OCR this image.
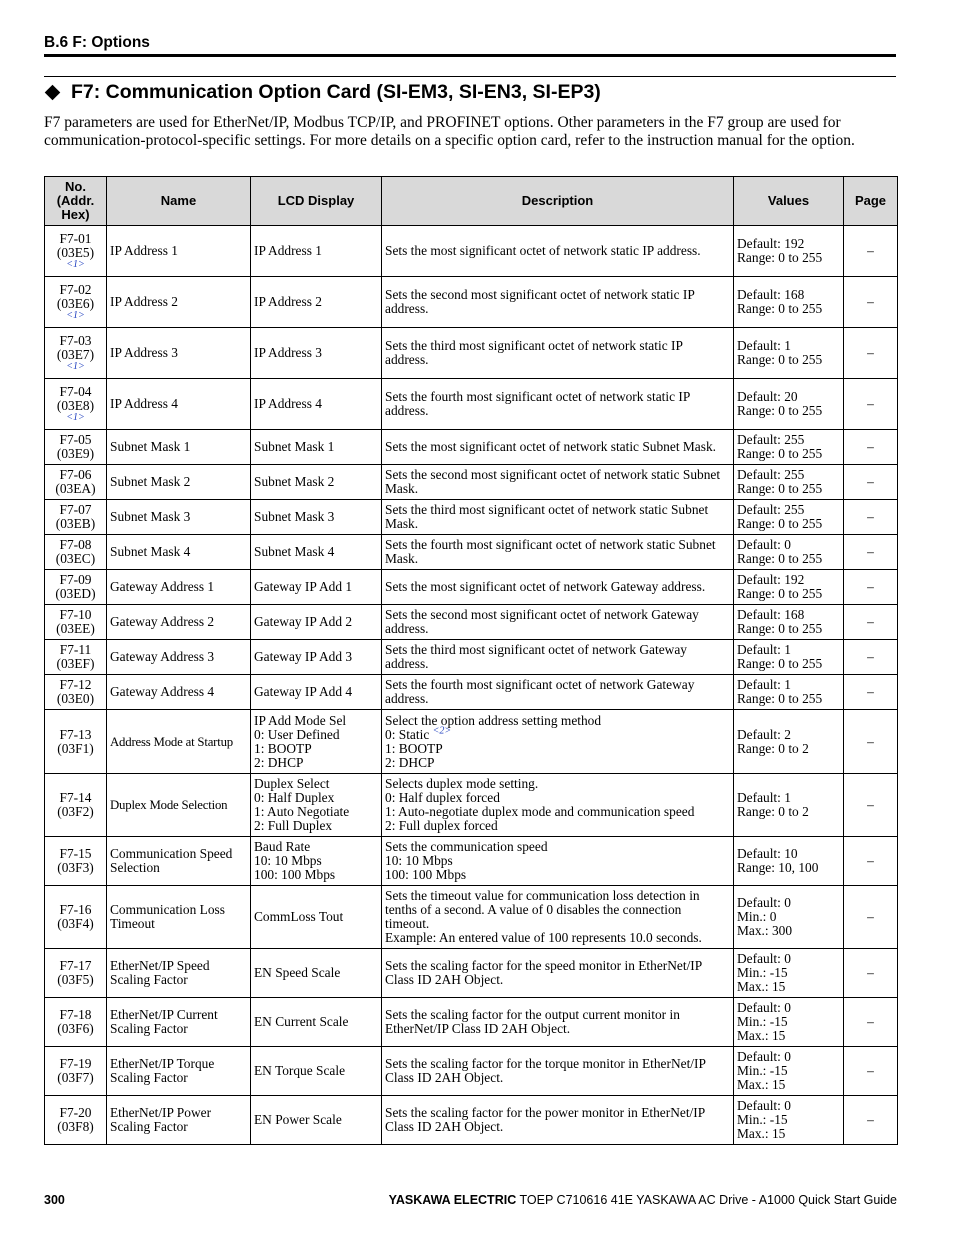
B.6 F: Options
F7: Communication Option Card (SI-EM3, SI-EN3, SI-EP3)
F7 parameters are used for EtherNet/IP, Modbus TCP/IP, and PROFINET options. Other parameters in the F7 group are used for communication-protocol-specific settings. For more details on a specific option card, refer to the instruction manual for the option.
No.
(Addr.
Hex)	Name	LCD Display	Description	Values	Page

F7-01
(03E5)
<1>	IP Address 1	IP Address 1	Sets the most significant octet of network static IP address.	Default: 192
Range: 0 to 255	–

F7-02
(03E6)
<1>	IP Address 2	IP Address 2	Sets the second most significant octet of network static IP
address.	Default: 168
Range: 0 to 255	–

F7-03
(03E7)
<1>	IP Address 3	IP Address 3	Sets the third most significant octet of network static IP
address.	Default: 1
Range: 0 to 255	–

F7-04
(03E8)
<1>	IP Address 4	IP Address 4	Sets the fourth most significant octet of network static IP
address.	Default: 20
Range: 0 to 255	–

F7-05
(03E9)	Subnet Mask 1	Subnet Mask 1	Sets the most significant octet of network static Subnet Mask.	Default: 255
Range: 0 to 255	–

F7-06
(03EA)	Subnet Mask 2	Subnet Mask 2	Sets the second most significant octet of network static Subnet
Mask.	Default: 255
Range: 0 to 255	–

F7-07
(03EB)	Subnet Mask 3	Subnet Mask 3	Sets the third most significant octet of network static Subnet
Mask.	Default: 255
Range: 0 to 255	–

F7-08
(03EC)	Subnet Mask 4	Subnet Mask 4	Sets the fourth most significant octet of network static Subnet
Mask.	Default: 0
Range: 0 to 255	–

F7-09
(03ED)	Gateway Address 1	Gateway IP Add 1	Sets the most significant octet of network Gateway address.	Default: 192
Range: 0 to 255	–

F7-10
(03EE)	Gateway Address 2	Gateway IP Add 2	Sets the second most significant octet of network Gateway
address.	Default: 168
Range: 0 to 255	–

F7-11
(03EF)	Gateway Address 3	Gateway IP Add 3	Sets the third most significant octet of network Gateway
address.	Default: 1
Range: 0 to 255	–

F7-12
(03E0)	Gateway Address 4	Gateway IP Add 4	Sets the fourth most significant octet of network Gateway
address.	Default: 1
Range: 0 to 255	–

F7-13
(03F1)	Address Mode at Startup	IP Add Mode Sel
0: User Defined
1: BOOTP
2: DHCP	Select the option address setting method
0: Static $^{<2>}$
1: BOOTP
2: DHCP	Default: 2
Range: 0 to 2	–

F7-14
(03F2)	Duplex Mode Selection	Duplex Select
0: Half Duplex
1: Auto Negotiate
2: Full Duplex	Selects duplex mode setting.
0: Half duplex forced
1: Auto-negotiate duplex mode and communication speed
2: Full duplex forced	Default: 1
Range: 0 to 2	–

F7-15
(03F3)	Communication Speed
Selection	Baud Rate
10: 10 Mbps
100: 100 Mbps	Sets the communication speed
10: 10 Mbps
100: 100 Mbps	Default: 10
Range: 10, 100	–

F7-16
(03F4)	Communication Loss
Timeout	CommLoss Tout	Sets the timeout value for communication loss detection in
tenths of a second. A value of 0 disables the connection
timeout.
Example: An entered value of 100 represents 10.0 seconds.	Default: 0
Min.: 0
Max.: 300	–

F7-17
(03F5)	EtherNet/IP Speed
Scaling Factor	EN Speed Scale	Sets the scaling factor for the speed monitor in EtherNet/IP
Class ID 2AH Object.	Default: 0
Min.: -15
Max.: 15	–

F7-18
(03F6)	EtherNet/IP Current
Scaling Factor	EN Current Scale	Sets the scaling factor for the output current monitor in
EtherNet/IP Class ID 2AH Object.	Default: 0
Min.: -15
Max.: 15	–

F7-19
(03F7)	EtherNet/IP Torque
Scaling Factor	EN Torque Scale	Sets the scaling factor for the torque monitor in EtherNet/IP
Class ID 2AH Object.	Default: 0
Min.: -15
Max.: 15	–

F7-20
(03F8)	EtherNet/IP Power
Scaling Factor	EN Power Scale	Sets the scaling factor for the power monitor in EtherNet/IP
Class ID 2AH Object.	Default: 0
Min.: -15
Max.: 15	–
300	YASKAWA ELECTRIC TOEP C710616 41E YASKAWA AC Drive - A1000 Quick Start Guide
